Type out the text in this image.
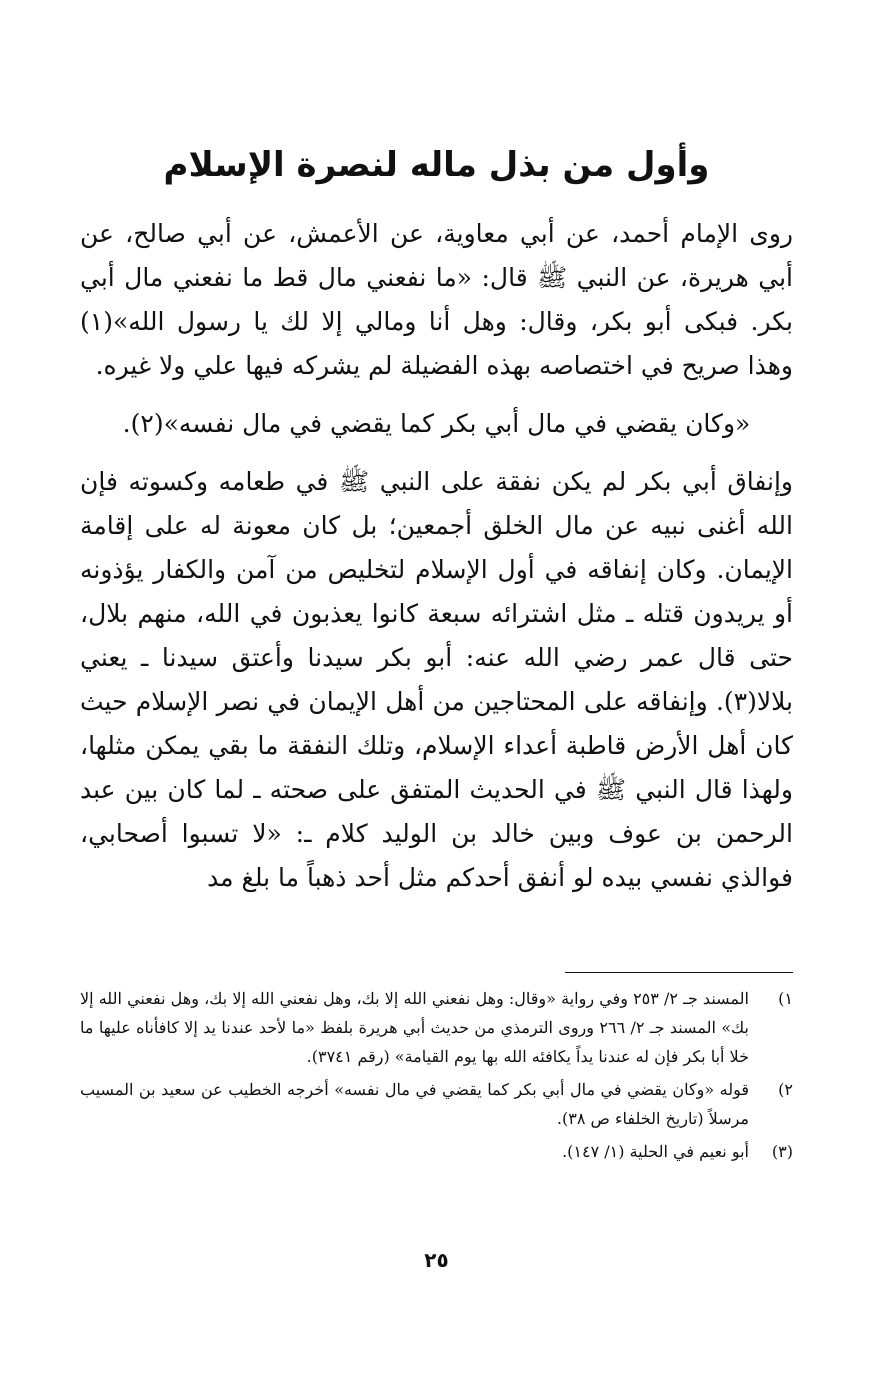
وأول من بذل ماله لنصرة الإسلام

روى الإمام أحمد، عن أبي معاوية، عن الأعمش، عن أبي صالح، عن أبي هريرة، عن النبي ﷺ قال: «ما نفعني مال قط ما نفعني مال أبي بكر. فبكى أبو بكر، وقال: وهل أنا ومالي إلا لك يا رسول الله»(١) وهذا صريح في اختصاصه بهذه الفضيلة لم يشركه فيها علي ولا غيره.

«وكان يقضي في مال أبي بكر كما يقضي في مال نفسه»(٢).

وإنفاق أبي بكر لم يكن نفقة على النبي ﷺ في طعامه وكسوته فإن الله أغنى نبيه عن مال الخلق أجمعين؛ بل كان معونة له على إقامة الإيمان. وكان إنفاقه في أول الإسلام لتخليص من آمن والكفار يؤذونه أو يريدون قتله ـ مثل اشترائه سبعة كانوا يعذبون في الله، منهم بلال، حتى قال عمر رضي الله عنه: أبو بكر سيدنا وأعتق سيدنا ـ يعني بلالا(٣). وإنفاقه على المحتاجين من أهل الإيمان في نصر الإسلام حيث كان أهل الأرض قاطبة أعداء الإسلام، وتلك النفقة ما بقي يمكن مثلها، ولهذا قال النبي ﷺ في الحديث المتفق على صحته ـ لما كان بين عبد الرحمن بن عوف وبين خالد بن الوليد كلام ـ: «لا تسبوا أصحابي، فوالذي نفسي بيده لو أنفق أحدكم مثل أحد ذهباً ما بلغ مد

١)
المسند جـ ٢/ ٢٥٣ وفي رواية «وقال: وهل نفعني الله إلا بك، وهل نفعني الله إلا بك، وهل نفعني الله إلا بك» المسند جـ ٢/ ٢٦٦ وروى الترمذي من حديث أبي هريرة بلفظ «ما لأحد عندنا يد إلا كافأناه عليها ما خلا أبا بكر فإن له عندنا يداً يكافئه الله بها يوم القيامة» (رقم ٣٧٤١).
٢)
قوله «وكان يقضي في مال أبي بكر كما يقضي في مال نفسه» أخرجه الخطيب عن سعيد بن المسيب مرسلاً (تاريخ الخلفاء ص ٣٨).
(٣)
أبو نعيم في الحلية (١/ ١٤٧).
٢٥
